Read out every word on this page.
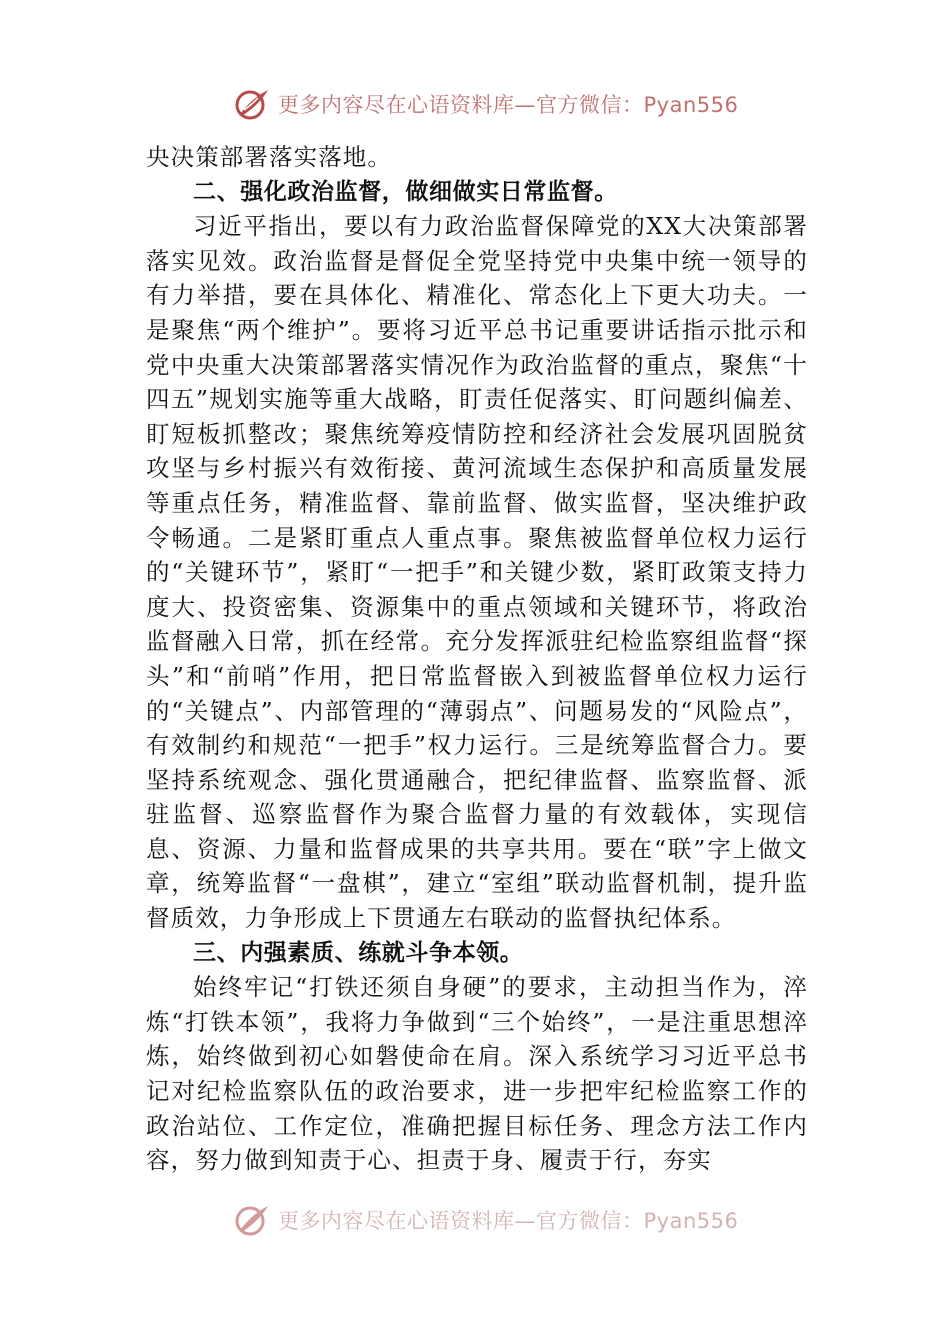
更多内容尽在心语资料库—官方微信：Pyan556

央决策部署落实落地。

二、强化政治监督，做细做实日常监督。

习近平指出，要以有力政治监督保障党的XX大决策部署落实见效。政治监督是督促全党坚持党中央集中统一领导的有力举措，要在具体化、精准化、常态化上下更大功夫。一是聚焦“两个维护”。要将习近平总书记重要讲话指示批示和党中央重大决策部署落实情况作为政治监督的重点，聚焦“十四五”规划实施等重大战略，盯责任促落实、盯问题纠偏差、盯短板抓整改；聚焦统筹疫情防控和经济社会发展巩固脱贫攻坚与乡村振兴有效衔接、黄河流域生态保护和高质量发展等重点任务，精准监督、靠前监督、做实监督，坚决维护政令畅通。二是紧盯重点人重点事。聚焦被监督单位权力运行的“关键环节”，紧盯“一把手”和关键少数，紧盯政策支持力度大、投资密集、资源集中的重点领域和关键环节，将政治监督融入日常，抓在经常。充分发挥派驻纪检监察组监督“探头”和“前哨”作用，把日常监督嵌入到被监督单位权力运行的“关键点”、内部管理的“薄弱点”、问题易发的“风险点”，有效制约和规范“一把手”权力运行。三是统筹监督合力。要坚持系统观念、强化贯通融合，把纪律监督、监察监督、派驻监督、巡察监督作为聚合监督力量的有效载体，实现信息、资源、力量和监督成果的共享共用。要在“联”字上做文章，统筹监督“一盘棋”，建立“室组”联动监督机制，提升监督质效，力争形成上下贯通左右联动的监督执纪体系。

三、内强素质、练就斗争本领。

始终牢记“打铁还须自身硬”的要求，主动担当作为，淬炼“打铁本领”，我将力争做到“三个始终”，一是注重思想淬炼，始终做到初心如磐使命在肩。深入系统学习习近平总书记对纪检监察队伍的政治要求，进一步把牢纪检监察工作的政治站位、工作定位，准确把握目标任务、理念方法工作内容，努力做到知责于心、担责于身、履责于行，夯实

更多内容尽在心语资料库—官方微信：Pyan556
